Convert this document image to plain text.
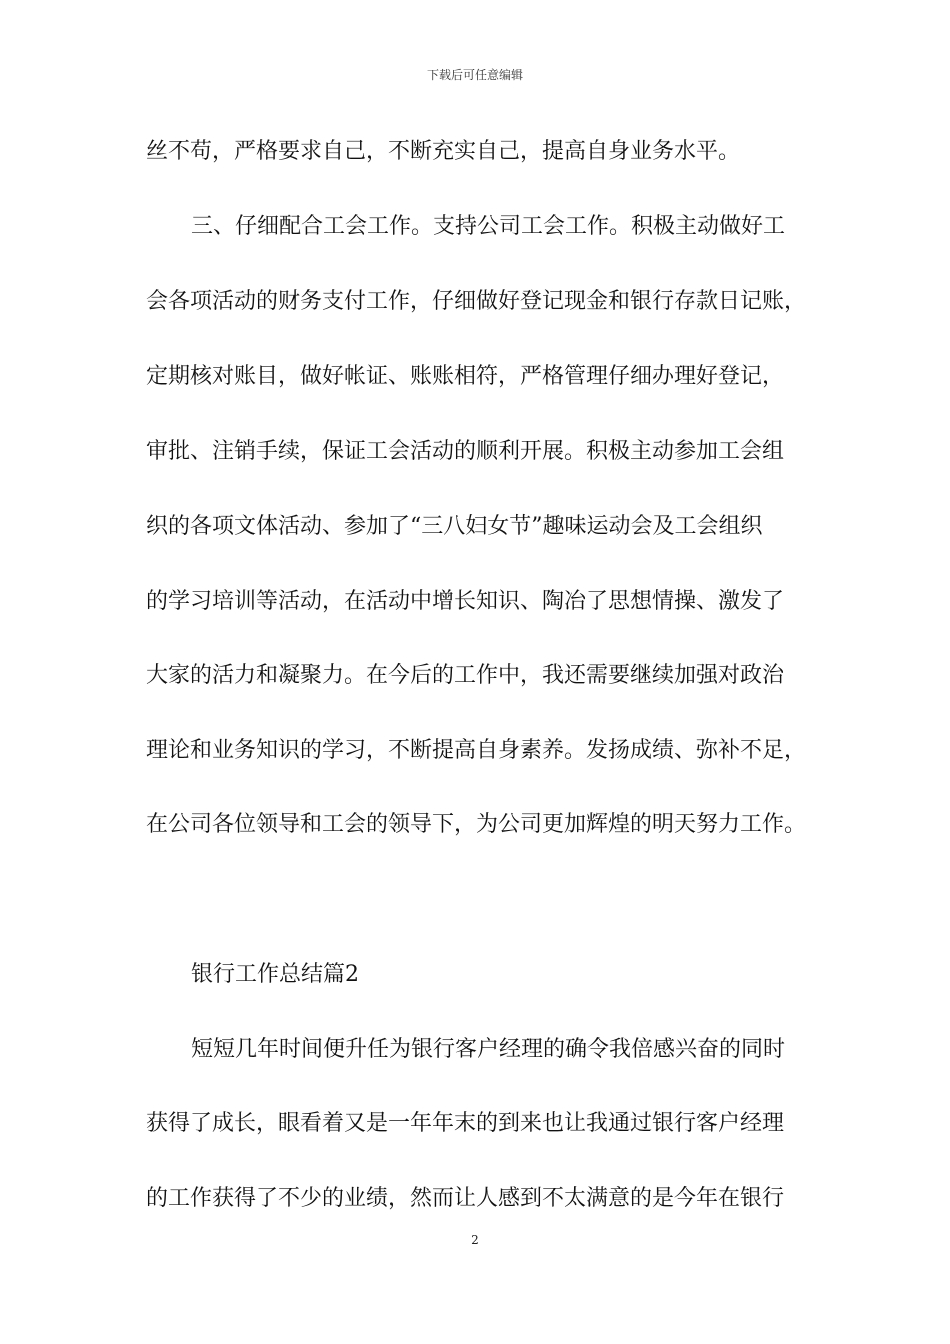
下载后可任意编辑
丝不苟，严格要求自己，不断充实自己，提高自身业务水平。
三、仔细配合工会工作。支持公司工会工作。积极主动做好工
会各项活动的财务支付工作，仔细做好登记现金和银行存款日记账，
定期核对账目，做好帐证、账账相符，严格管理仔细办理好登记，
审批、注销手续，保证工会活动的顺利开展。积极主动参加工会组
织的各项文体活动、参加了“三八妇女节”趣味运动会及工会组织
的学习培训等活动，在活动中增长知识、陶冶了思想情操、激发了
大家的活力和凝聚力。在今后的工作中，我还需要继续加强对政治
理论和业务知识的学习，不断提高自身素养。发扬成绩、弥补不足，
在公司各位领导和工会的领导下，为公司更加辉煌的明天努力工作。
银行工作总结篇2
短短几年时间便升任为银行客户经理的确令我倍感兴奋的同时
获得了成长，眼看着又是一年年末的到来也让我通过银行客户经理
的工作获得了不少的业绩，然而让人感到不太满意的是今年在银行
2
